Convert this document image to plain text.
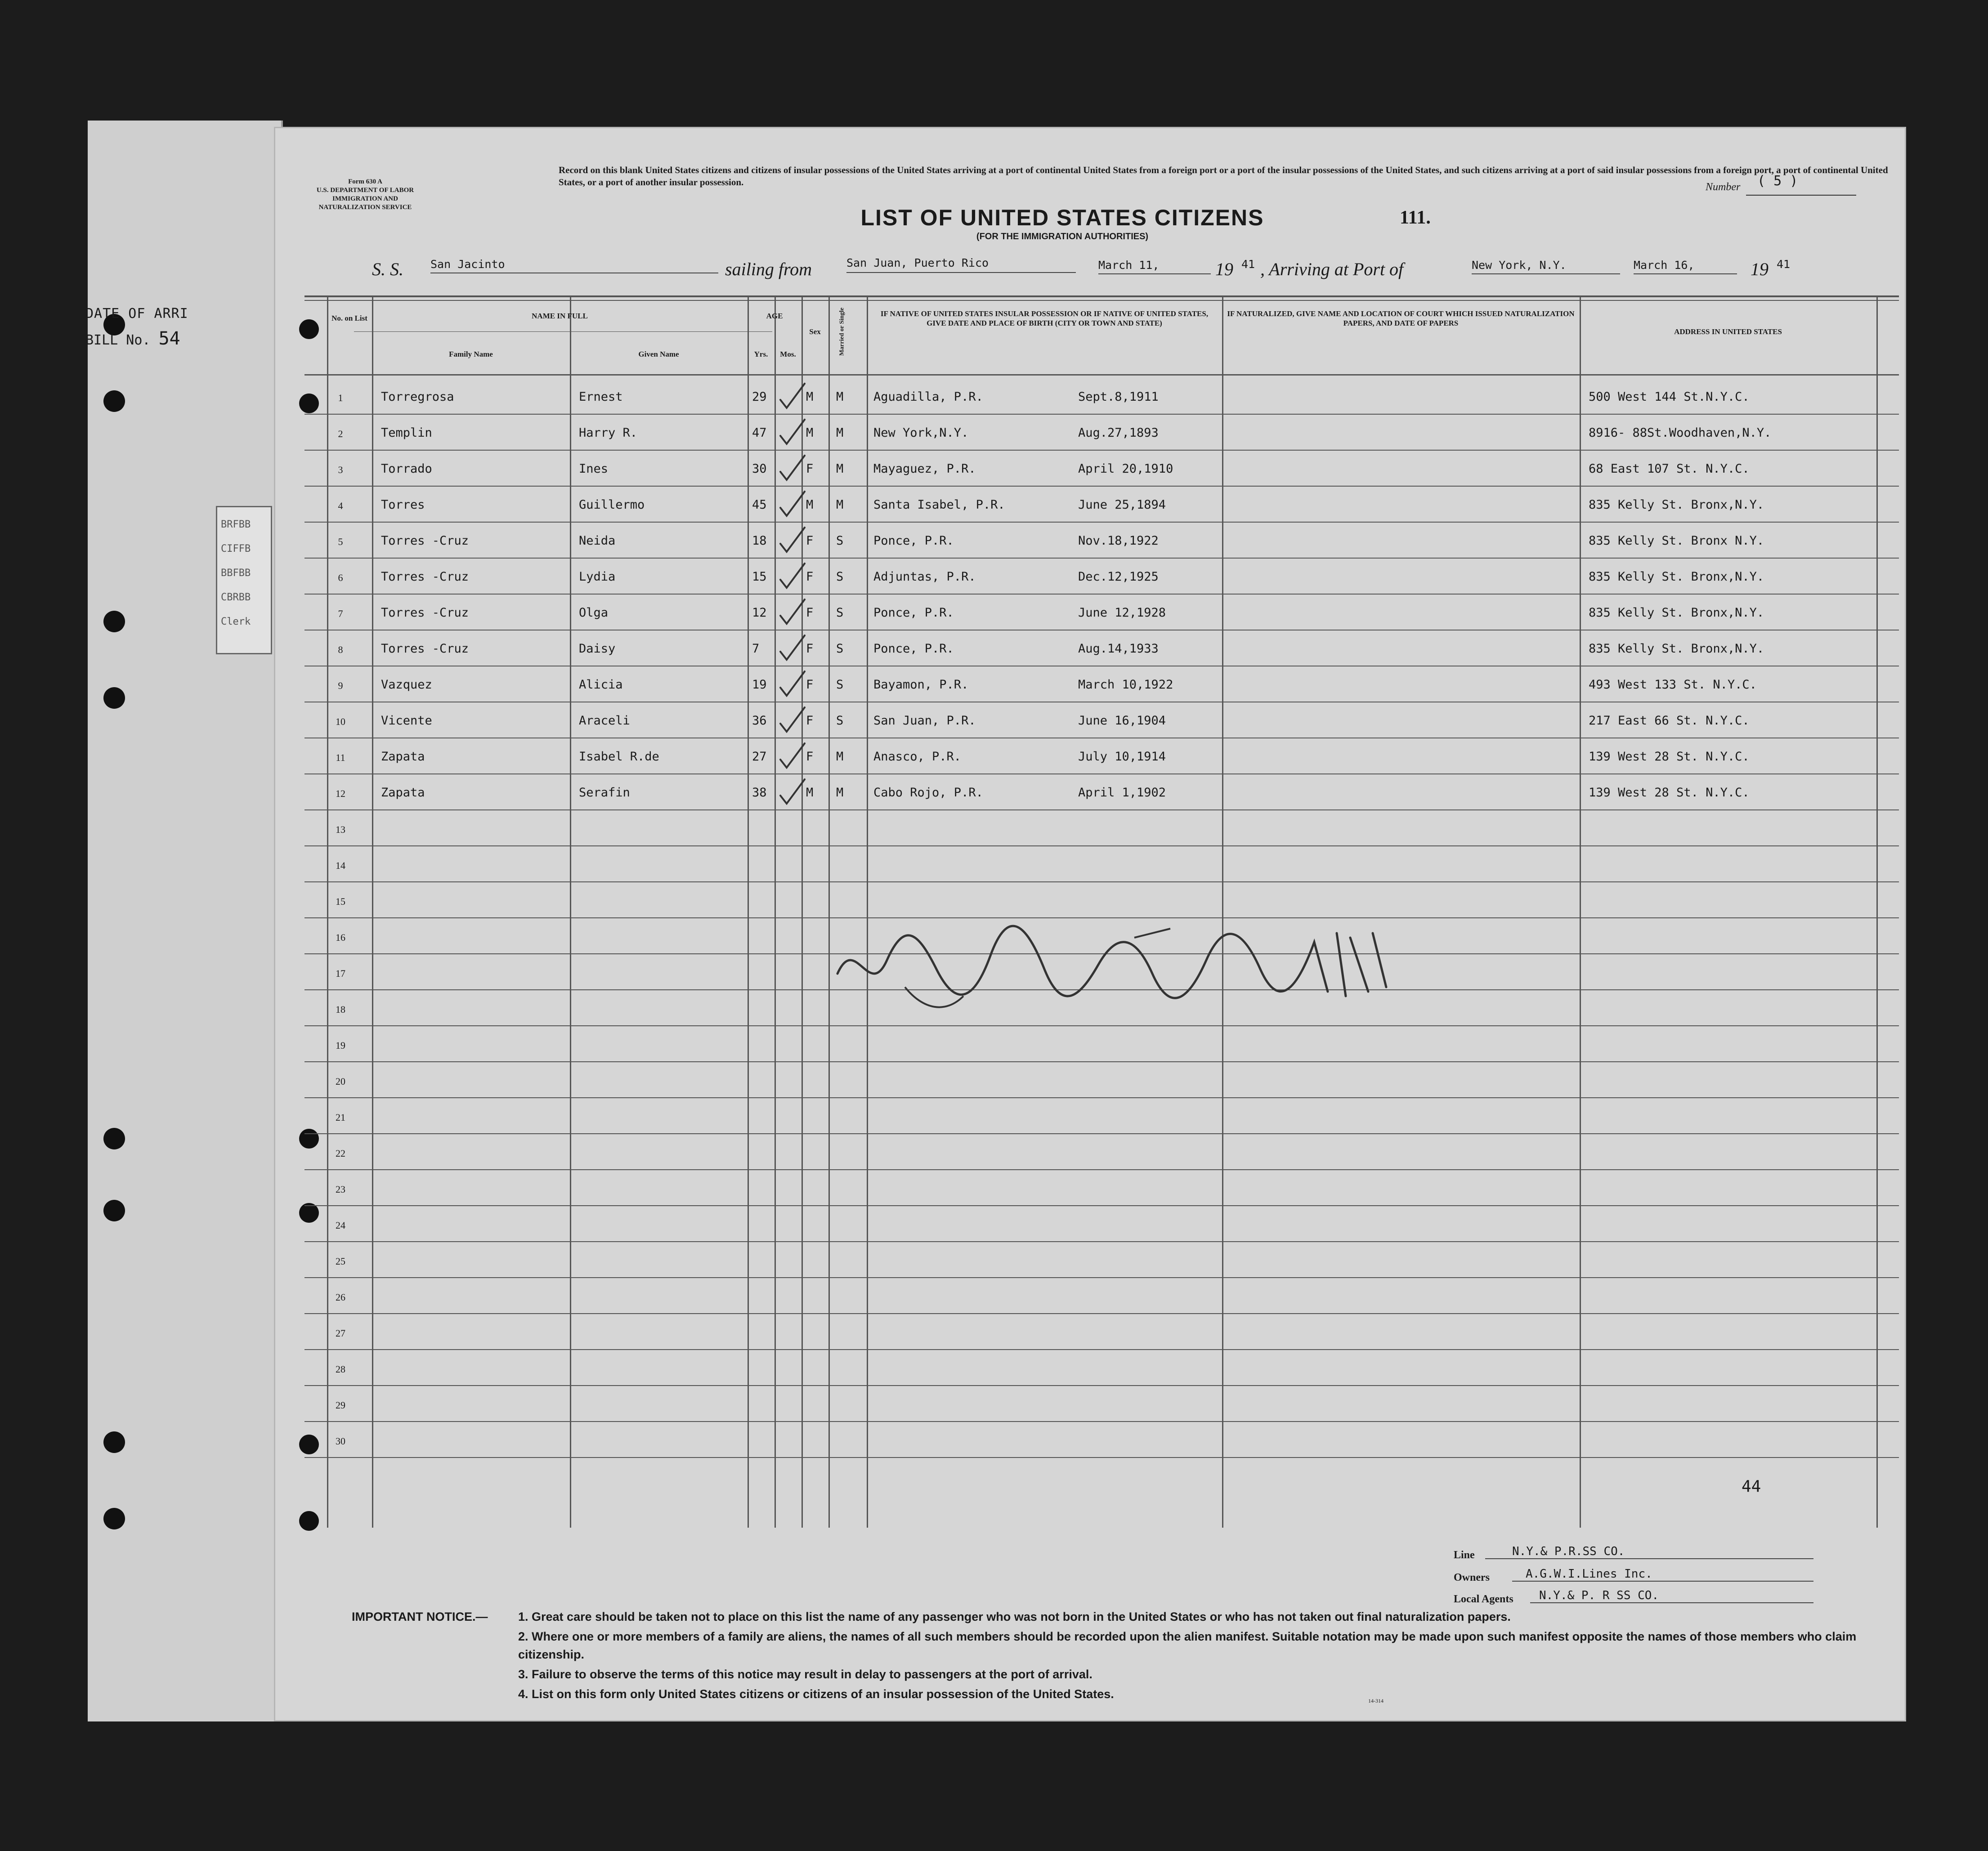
DATE OF ARRI
BILL No. 54
BRFBB
CIFFB
BBFBB
CBRBB
Clerk
Form 630 A
U.S. DEPARTMENT OF LABOR
IMMIGRATION AND
NATURALIZATION SERVICE
Record on this blank United States citizens and citizens of insular possessions of the United States arriving at a port of continental United States from a foreign port or a port of the insular possessions of the United States, and such citizens arriving at a port of said insular possessions from a foreign port, a port of continental United States, or a port of another insular possession.
LIST OF UNITED STATES CITIZENS
(FOR THE IMMIGRATION AUTHORITIES)
111.
Number ( 5 )
S. S. San Jacinto	sailing from	San Juan, Puerto Rico	March 11,	19 41 , Arriving at Port of	New York, N.Y.	March 16,	19 41
No. on List	NAME IN FULL
Family Name	Given Name
AGE
Yrs.	Mos.
Sex	Married or Single	IF NATIVE OF UNITED STATES INSULAR POSSESSION OR IF NATIVE OF UNITED STATES, GIVE DATE AND PLACE OF BIRTH (CITY OR TOWN AND STATE)
IF NATURALIZED, GIVE NAME AND LOCATION OF COURT WHICH ISSUED NATURALIZATION PAPERS, AND DATE OF PAPERS
ADDRESS IN UNITED STATES
1	Torregrosa	Ernest	29	M M Aguadilla, P.R.	Sept.8,1911	500 West 144 St.N.Y.C.
2	Templin	Harry R.	47	M M New York,N.Y.	Aug.27,1893	8916- 88St.Woodhaven,N.Y.
3	Torrado	Ines	30	F M Mayaguez, P.R.	April 20,1910	68 East 107 St. N.Y.C.
4	Torres	Guillermo	45	M M Santa Isabel, P.R.	June 25,1894	835 Kelly St. Bronx,N.Y.
5	Torres -Cruz	Neida	18	F S Ponce, P.R.	Nov.18,1922	835 Kelly St. Bronx N.Y.
6	Torres -Cruz	Lydia	15	F S Adjuntas, P.R.	Dec.12,1925	835 Kelly St. Bronx,N.Y.
7	Torres -Cruz	Olga	12	F S Ponce, P.R.	June 12,1928	835 Kelly St. Bronx,N.Y.
8	Torres -Cruz	Daisy	7	F S Ponce, P.R.	Aug.14,1933	835 Kelly St. Bronx,N.Y.
9	Vazquez	Alicia	19	F S Bayamon, P.R.	March 10,1922	493 West 133 St. N.Y.C.
10	Vicente	Araceli	36	F S San Juan, P.R.	June 16,1904	217 East 66 St. N.Y.C.
11	Zapata	Isabel R.de	27	F M Anasco, P.R.	July 10,1914	139 West 28 St. N.Y.C.
12	Zapata	Serafin	38	M M Cabo Rojo, P.R.	April 1,1902	139 West 28 St. N.Y.C.
13
14
15
16
17
18
19
20
21
22
23
24
25
26
27
28
29
30
44
Line	N.Y.& P.R.SS CO.
Owners	A.G.W.I.Lines Inc.
Local Agents	N.Y.& P. R SS CO.
IMPORTANT NOTICE.—	1. Great care should be taken not to place on this list the name of any passenger who was not born in the United States or who has not taken out final naturalization papers.
2. Where one or more members of a family are aliens, the names of all such members should be recorded upon the alien manifest. Suitable notation may be made upon such manifest opposite the names of those members who claim citizenship.
3. Failure to observe the terms of this notice may result in delay to passengers at the port of arrival.
4. List on this form only United States citizens or citizens of an insular possession of the United States.	14-314
